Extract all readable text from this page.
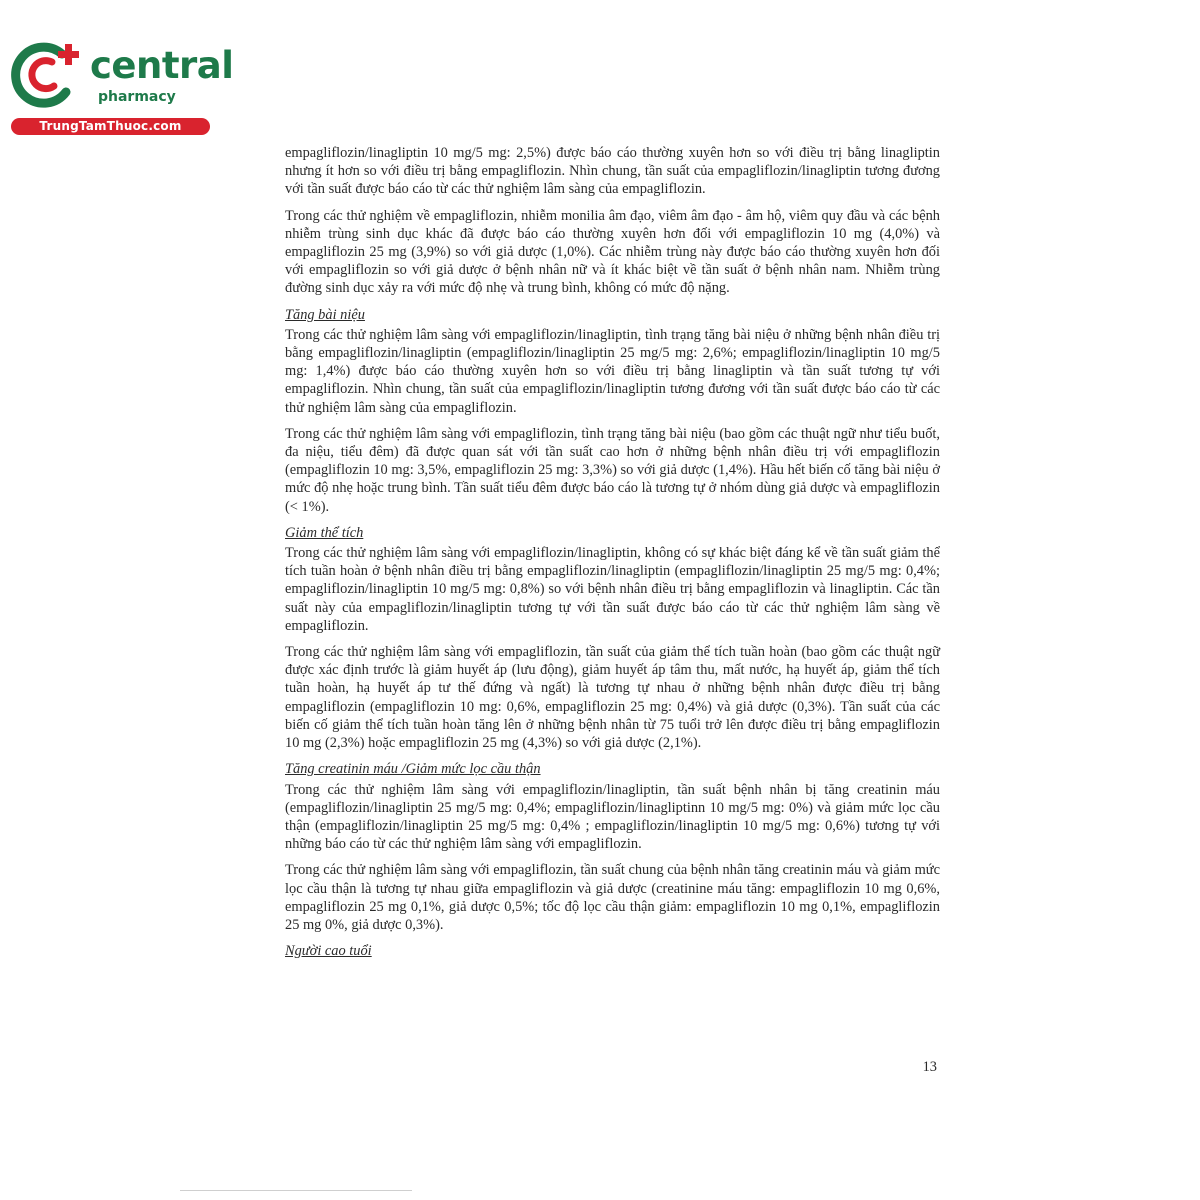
central
pharmacy
TrungTamThuoc.com

empagliflozin/linagliptin 10 mg/5 mg: 2,5%) được báo cáo thường xuyên hơn so với điều trị bằng linagliptin nhưng ít hơn so với điều trị bằng empagliflozin. Nhìn chung, tần suất của empagliflozin/linagliptin tương đương với tần suất được báo cáo từ các thử nghiệm lâm sàng của empagliflozin.

Trong các thử nghiệm về empagliflozin, nhiễm monilia âm đạo, viêm âm đạo - âm hộ, viêm quy đầu và các bệnh nhiễm trùng sinh dục khác đã được báo cáo thường xuyên hơn đối với empagliflozin 10 mg (4,0%) và empagliflozin 25 mg (3,9%) so với giả dược (1,0%). Các nhiễm trùng này được báo cáo thường xuyên hơn đối với empagliflozin so với giả dược ở bệnh nhân nữ và ít khác biệt về tần suất ở bệnh nhân nam. Nhiễm trùng đường sinh dục xảy ra với mức độ nhẹ và trung bình, không có mức độ nặng.

Tăng bài niệu

Trong các thử nghiệm lâm sàng với empagliflozin/linagliptin, tình trạng tăng bài niệu ở những bệnh nhân điều trị bằng empagliflozin/linagliptin (empagliflozin/linagliptin 25 mg/5 mg: 2,6%; empagliflozin/linagliptin 10 mg/5 mg: 1,4%) được báo cáo thường xuyên hơn so với điều trị bằng linagliptin và tần suất tương tự với empagliflozin. Nhìn chung, tần suất của empagliflozin/linagliptin tương đương với tần suất được báo cáo từ các thử nghiệm lâm sàng của empagliflozin.

Trong các thử nghiệm lâm sàng với empagliflozin, tình trạng tăng bài niệu (bao gồm các thuật ngữ như tiểu buốt, đa niệu, tiểu đêm) đã được quan sát với tần suất cao hơn ở những bệnh nhân điều trị với empagliflozin (empagliflozin 10 mg: 3,5%, empagliflozin 25 mg: 3,3%) so với giả dược (1,4%). Hầu hết biến cố tăng bài niệu ở mức độ nhẹ hoặc trung bình. Tần suất tiểu đêm được báo cáo là tương tự ở nhóm dùng giả dược và empagliflozin (< 1%).

Giảm thể tích

Trong các thử nghiệm lâm sàng với empagliflozin/linagliptin, không có sự khác biệt đáng kể về tần suất giảm thể tích tuần hoàn ở bệnh nhân điều trị bằng empagliflozin/linagliptin (empagliflozin/linagliptin 25 mg/5 mg: 0,4%; empagliflozin/linagliptin 10 mg/5 mg: 0,8%) so với bệnh nhân điều trị bằng empagliflozin và linagliptin. Các tần suất này của empagliflozin/linagliptin tương tự với tần suất được báo cáo từ các thử nghiệm lâm sàng về empagliflozin.

Trong các thử nghiệm lâm sàng với empagliflozin, tần suất của giảm thể tích tuần hoàn (bao gồm các thuật ngữ được xác định trước là giảm huyết áp (lưu động), giảm huyết áp tâm thu, mất nước, hạ huyết áp, giảm thể tích tuần hoàn, hạ huyết áp tư thế đứng và ngất) là tương tự nhau ở những bệnh nhân được điều trị bằng empagliflozin (empagliflozin 10 mg: 0,6%, empagliflozin 25 mg: 0,4%) và giả dược (0,3%). Tần suất của các biến cố giảm thể tích tuần hoàn tăng lên ở những bệnh nhân từ 75 tuổi trở lên được điều trị bằng empagliflozin 10 mg (2,3%) hoặc empagliflozin 25 mg (4,3%) so với giả dược (2,1%).

Tăng creatinin máu /Giảm mức lọc cầu thận

Trong các thử nghiệm lâm sàng với empagliflozin/linagliptin, tần suất bệnh nhân bị tăng creatinin máu (empagliflozin/linagliptin 25 mg/5 mg: 0,4%; empagliflozin/linagliptinn 10 mg/5 mg: 0%) và giảm mức lọc cầu thận (empagliflozin/linagliptin 25 mg/5 mg: 0,4% ; empagliflozin/linagliptin 10 mg/5 mg: 0,6%) tương tự với những báo cáo từ các thử nghiệm lâm sàng với empagliflozin.

Trong các thử nghiệm lâm sàng với empagliflozin, tần suất chung của bệnh nhân tăng creatinin máu và giảm mức lọc cầu thận là tương tự nhau giữa empagliflozin và giả dược (creatinine máu tăng: empagliflozin 10 mg 0,6%, empagliflozin 25 mg 0,1%, giả dược 0,5%; tốc độ lọc cầu thận giảm: empagliflozin 10 mg 0,1%, empagliflozin 25 mg 0%, giả dược 0,3%).

Người cao tuổi
13
